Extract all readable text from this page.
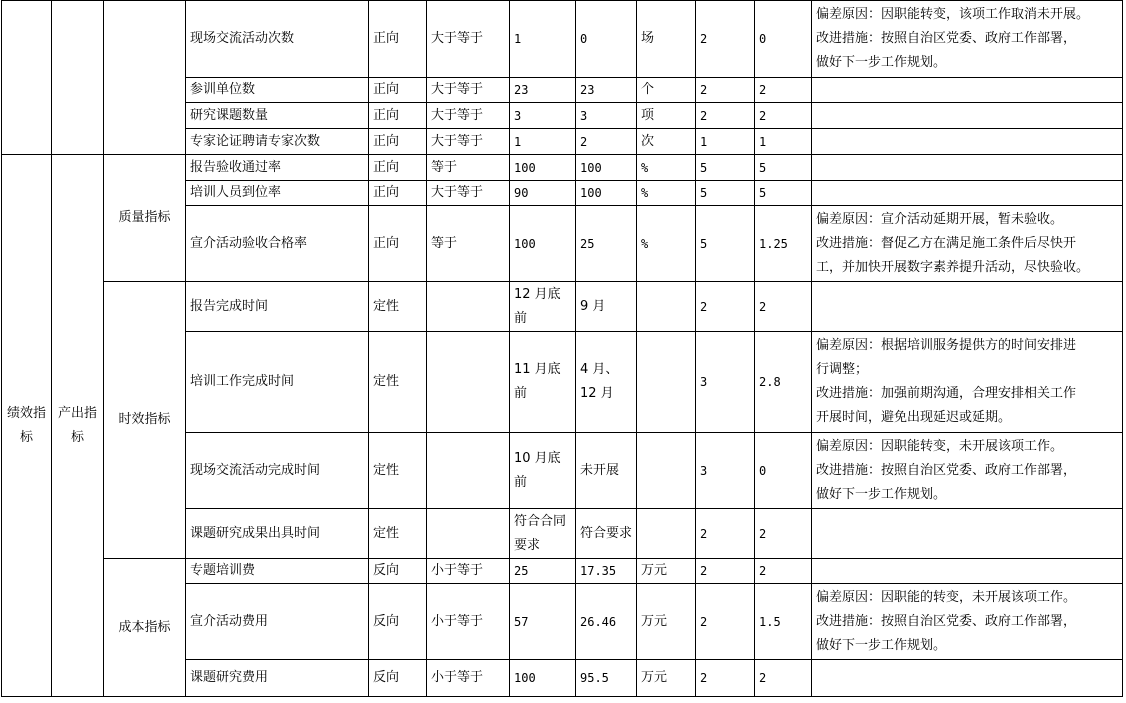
			现场交流活动次数	正向	大于等于	1	0	场	2	0	偏差原因：因职能转变，该项工作取消未开展。
改进措施：按照自治区党委、政府工作部署，
做好下一步工作规划。

			参训单位数	正向	大于等于	23	23	个	2	2	
			研究课题数量	正向	大于等于	3	3	项	2	2	
			专家论证聘请专家次数	正向	大于等于	1	2	次	1	1	
绩效指标	产出指标	质量指标	报告验收通过率	正向	等于	100	100	%	5	5	
			培训人员到位率	正向	大于等于	90	100	%	5	5	
			宣介活动验收合格率	正向	等于	100	25	%	5	1.25	偏差原因：宣介活动延期开展，暂未验收。
改进措施：督促乙方在满足施工条件后尽快开
工，并加快开展数字素养提升活动，尽快验收。

		时效指标	报告完成时间	定性		12 月底前	9 月		2	2	
			培训工作完成时间	定性		11 月底前	4 月、12 月		3	2.8	偏差原因：根据培训服务提供方的时间安排进
行调整；
改进措施：加强前期沟通，合理安排相关工作
开展时间，避免出现延迟或延期。

			现场交流活动完成时间	定性		10 月底前	未开展		3	0	偏差原因：因职能转变，未开展该项工作。
改进措施：按照自治区党委、政府工作部署，
做好下一步工作规划。

			课题研究成果出具时间	定性		符合合同要求	符合要求		2	2	
		成本指标	专题培训费	反向	小于等于	25	17.35	万元	2	2	
			宣介活动费用	反向	小于等于	57	26.46	万元	2	1.5	偏差原因：因职能的转变，未开展该项工作。
改进措施：按照自治区党委、政府工作部署，
做好下一步工作规划。

			课题研究费用	反向	小于等于	100	95.5	万元	2	2	
